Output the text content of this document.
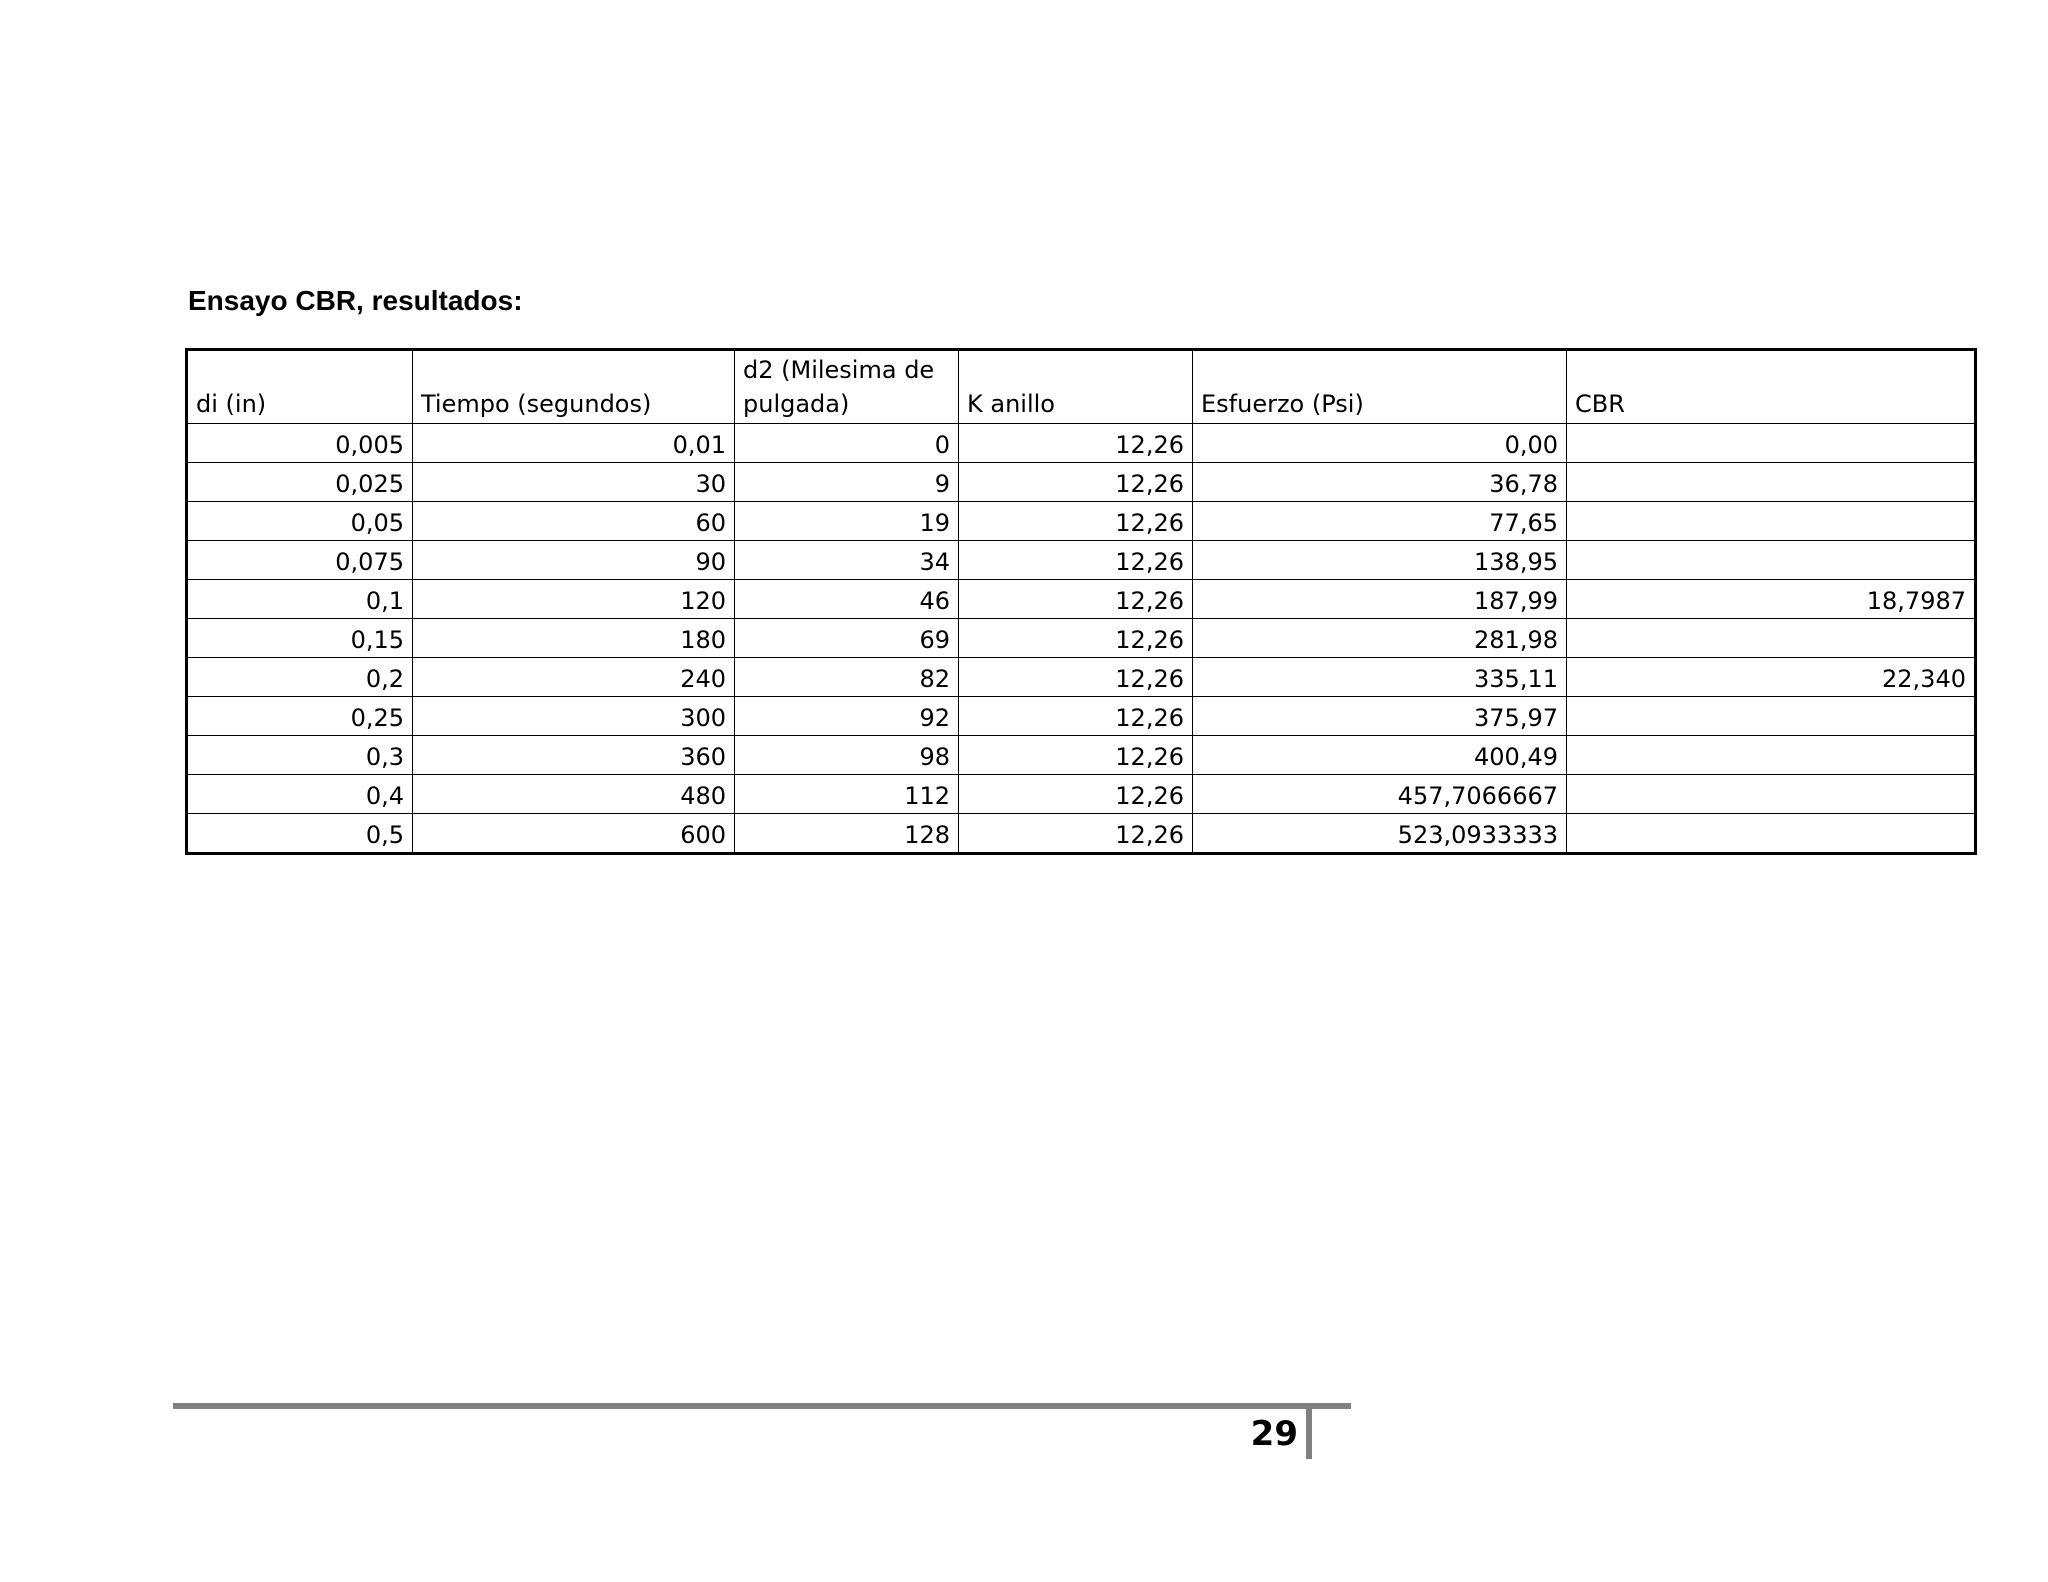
Ensayo CBR, resultados:
di (in)	Tiempo (segundos)	d2 (Milesima de pulgada)	K anillo	Esfuerzo (Psi)	CBR
0,005	0,01	0	12,26	0,00	
0,025	30	9	12,26	36,78	
0,05	60	19	12,26	77,65	
0,075	90	34	12,26	138,95	
0,1	120	46	12,26	187,99	18,7987
0,15	180	69	12,26	281,98	
0,2	240	82	12,26	335,11	22,340
0,25	300	92	12,26	375,97	
0,3	360	98	12,26	400,49	
0,4	480	112	12,26	457,7066667	
0,5	600	128	12,26	523,0933333	
29
